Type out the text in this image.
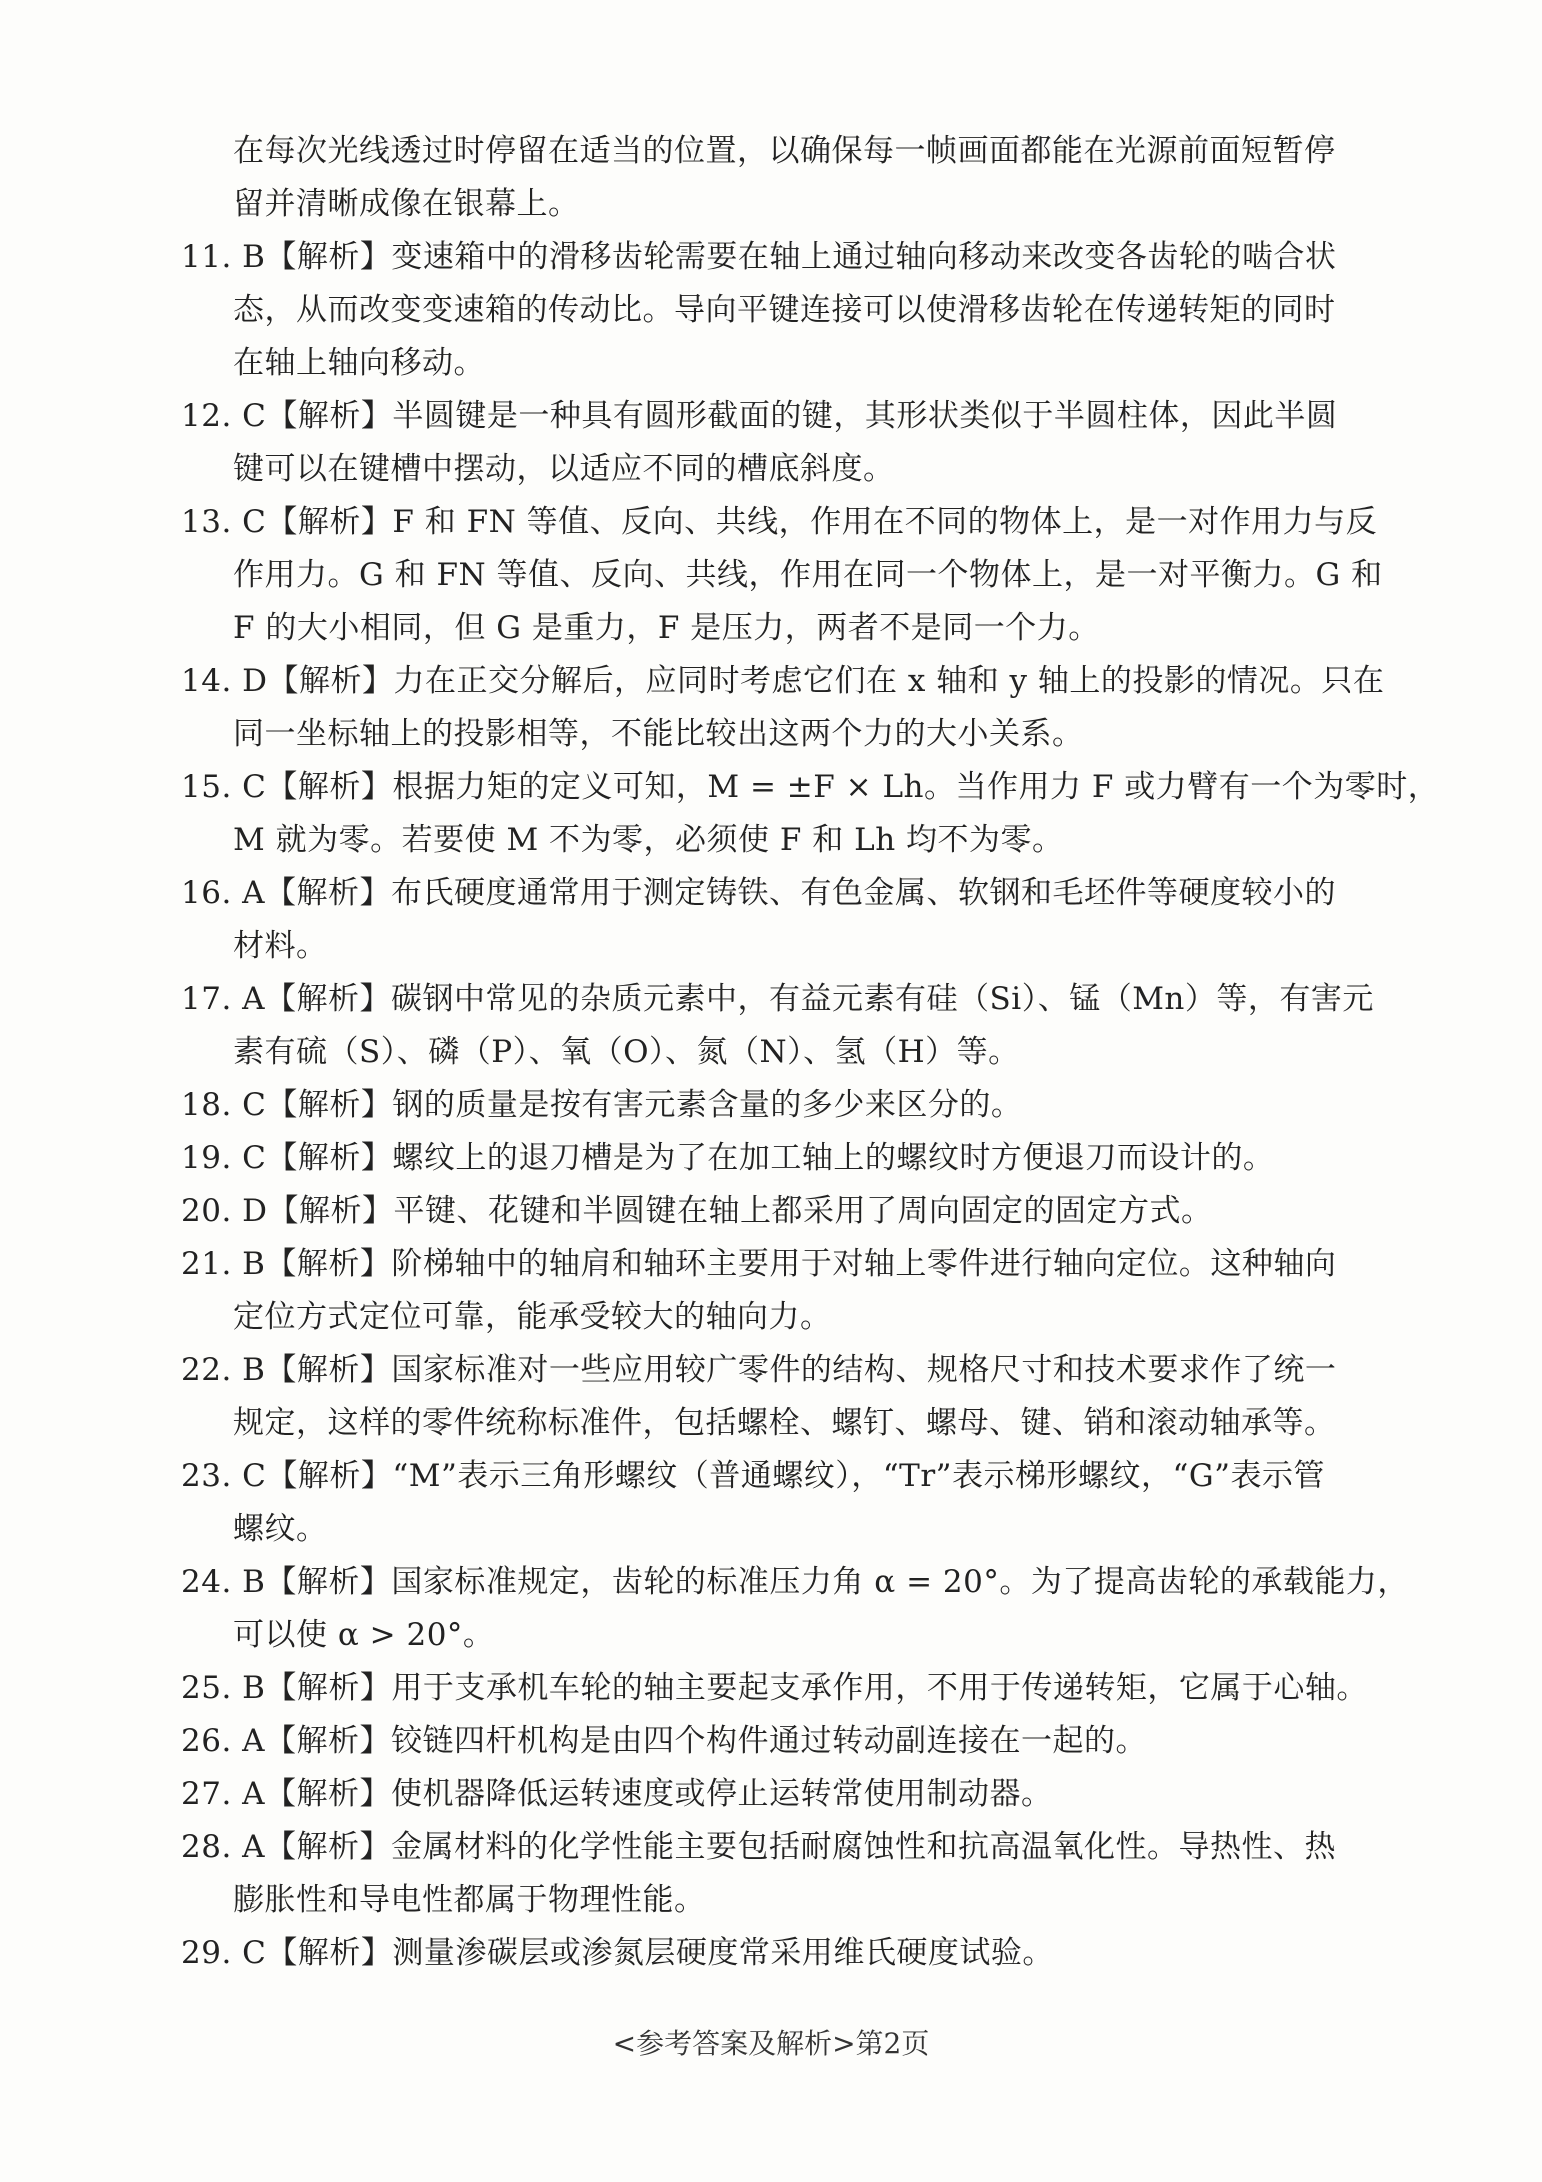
在每次光线透过时停留在适当的位置，以确保每一帧画面都能在光源前面短暂停
留并清晰成像在银幕上。
11. B【解析】变速箱中的滑移齿轮需要在轴上通过轴向移动来改变各齿轮的啮合状
态，从而改变变速箱的传动比。导向平键连接可以使滑移齿轮在传递转矩的同时
在轴上轴向移动。
12. C【解析】半圆键是一种具有圆形截面的键，其形状类似于半圆柱体，因此半圆
键可以在键槽中摆动，以适应不同的槽底斜度。
13. C【解析】F 和 FN 等值、反向、共线，作用在不同的物体上，是一对作用力与反
作用力。G 和 FN 等值、反向、共线，作用在同一个物体上，是一对平衡力。G 和
F 的大小相同，但 G 是重力，F 是压力，两者不是同一个力。
14. D【解析】力在正交分解后，应同时考虑它们在 x 轴和 y 轴上的投影的情况。只在
同一坐标轴上的投影相等，不能比较出这两个力的大小关系。
15. C【解析】根据力矩的定义可知，M = ±F × Lh。当作用力 F 或力臂有一个为零时，
M 就为零。若要使 M 不为零，必须使 F 和 Lh 均不为零。
16. A【解析】布氏硬度通常用于测定铸铁、有色金属、软钢和毛坯件等硬度较小的
材料。
17. A【解析】碳钢中常见的杂质元素中，有益元素有硅（Si）、锰（Mn）等，有害元
素有硫（S）、磷（P）、氧（O）、氮（N）、氢（H）等。
18. C【解析】钢的质量是按有害元素含量的多少来区分的。
19. C【解析】螺纹上的退刀槽是为了在加工轴上的螺纹时方便退刀而设计的。
20. D【解析】平键、花键和半圆键在轴上都采用了周向固定的固定方式。
21. B【解析】阶梯轴中的轴肩和轴环主要用于对轴上零件进行轴向定位。这种轴向
定位方式定位可靠，能承受较大的轴向力。
22. B【解析】国家标准对一些应用较广零件的结构、规格尺寸和技术要求作了统一
规定，这样的零件统称标准件，包括螺栓、螺钉、螺母、键、销和滚动轴承等。
23. C【解析】“M”表示三角形螺纹（普通螺纹），“Tr”表示梯形螺纹，“G”表示管
螺纹。
24. B【解析】国家标准规定，齿轮的标准压力角 α = 20°。为了提高齿轮的承载能力，
可以使 α > 20°。
25. B【解析】用于支承机车轮的轴主要起支承作用，不用于传递转矩，它属于心轴。
26. A【解析】铰链四杆机构是由四个构件通过转动副连接在一起的。
27. A【解析】使机器降低运转速度或停止运转常使用制动器。
28. A【解析】金属材料的化学性能主要包括耐腐蚀性和抗高温氧化性。导热性、热
膨胀性和导电性都属于物理性能。
29. C【解析】测量渗碳层或渗氮层硬度常采用维氏硬度试验。
<参考答案及解析>第2页
